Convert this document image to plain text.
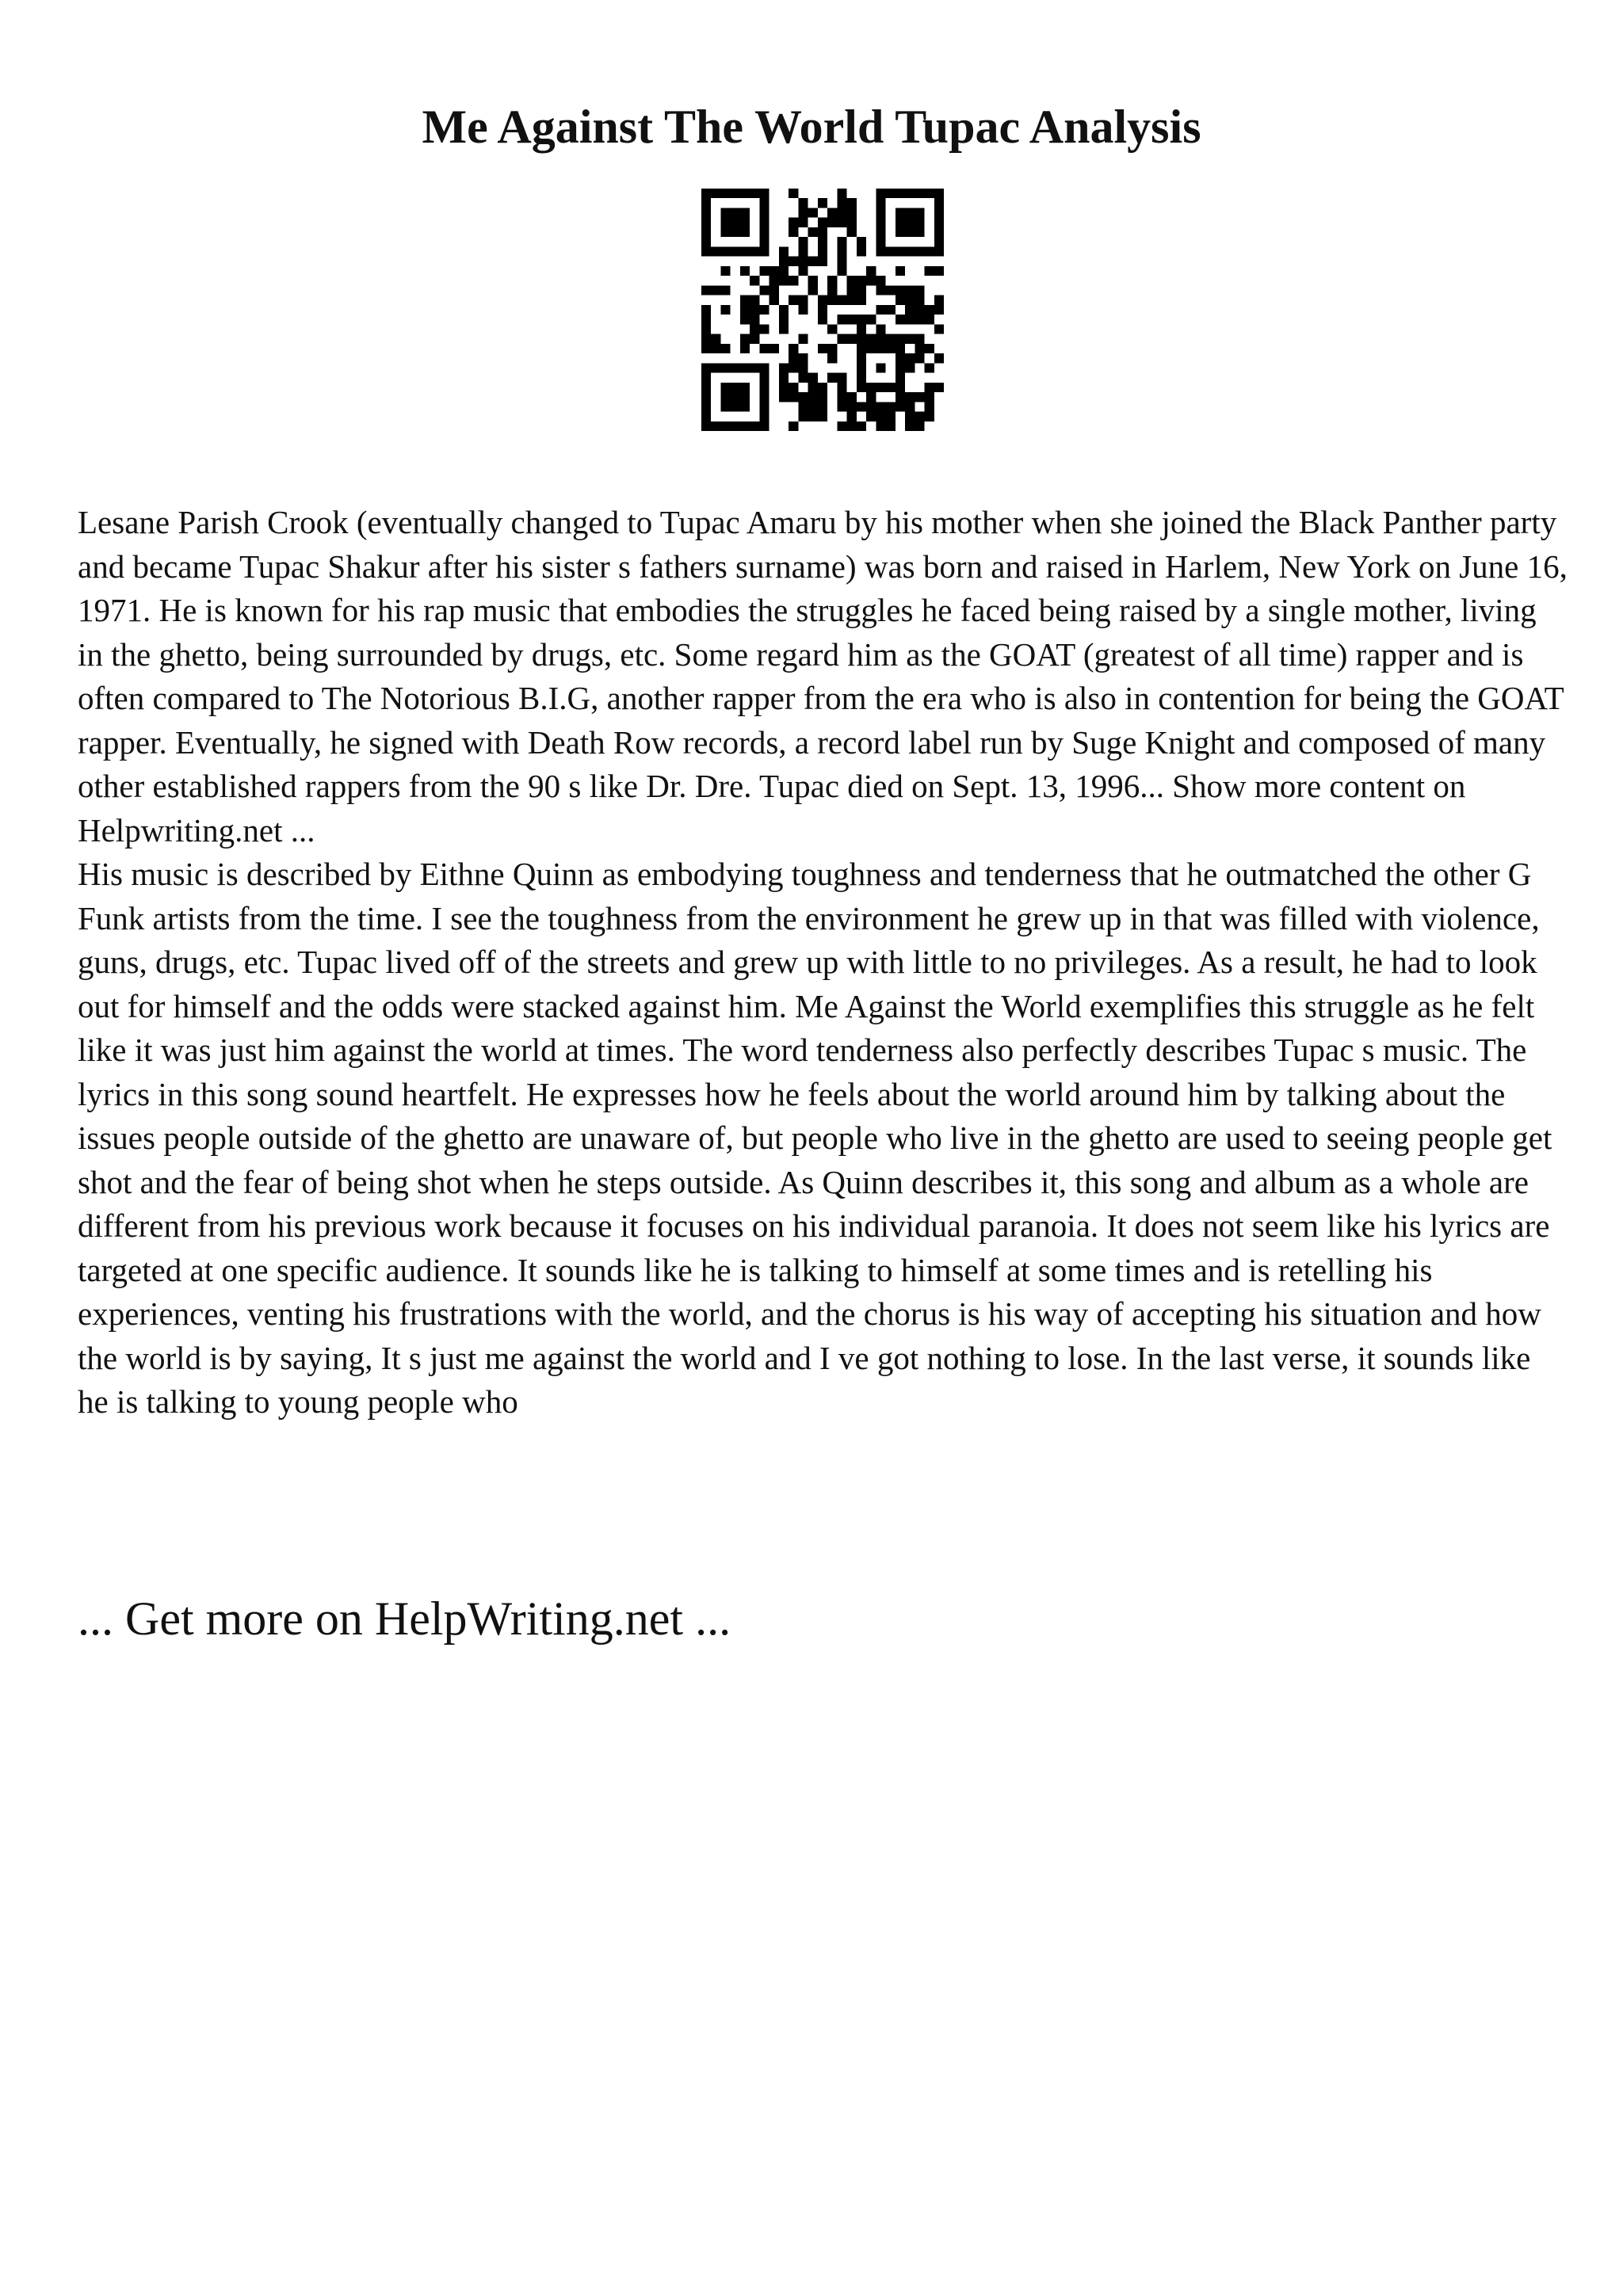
Me Against The World Tupac Analysis

Lesane Parish Crook (eventually changed to Tupac Amaru by his mother when she joined the Black Panther party and became Tupac Shakur after his sister s fathers surname) was born and raised in Harlem, New York on June 16, 1971. He is known for his rap music that embodies the struggles he faced being raised by a single mother, living in the ghetto, being surrounded by drugs, etc. Some regard him as the GOAT (greatest of all time) rapper and is often compared to The Notorious B.I.G, another rapper from the era who is also in contention for being the GOAT rapper. Eventually, he signed with Death Row records, a record label run by Suge Knight and composed of many other established rappers from the 90 s like Dr. Dre. Tupac died on Sept. 13, 1996... Show more content on Helpwriting.net ...

His music is described by Eithne Quinn as embodying toughness and tenderness that he outmatched the other G Funk artists from the time. I see the toughness from the environment he grew up in that was filled with violence, guns, drugs, etc. Tupac lived off of the streets and grew up with little to no privileges. As a result, he had to look out for himself and the odds were stacked against him. Me Against the World exemplifies this struggle as he felt like it was just him against the world at times. The word tenderness also perfectly describes Tupac s music. The lyrics in this song sound heartfelt. He expresses how he feels about the world around him by talking about the issues people outside of the ghetto are unaware of, but people who live in the ghetto are used to seeing people get shot and the fear of being shot when he steps outside. As Quinn describes it, this song and album as a whole are different from his previous work because it focuses on his individual paranoia. It does not seem like his lyrics are targeted at one specific audience. It sounds like he is talking to himself at some times and is retelling his experiences, venting his frustrations with the world, and the chorus is his way of accepting his situation and how the world is by saying, It s just me against the world and I ve got nothing to lose. In the last verse, it sounds like he is talking to young people who

... Get more on HelpWriting.net ...
